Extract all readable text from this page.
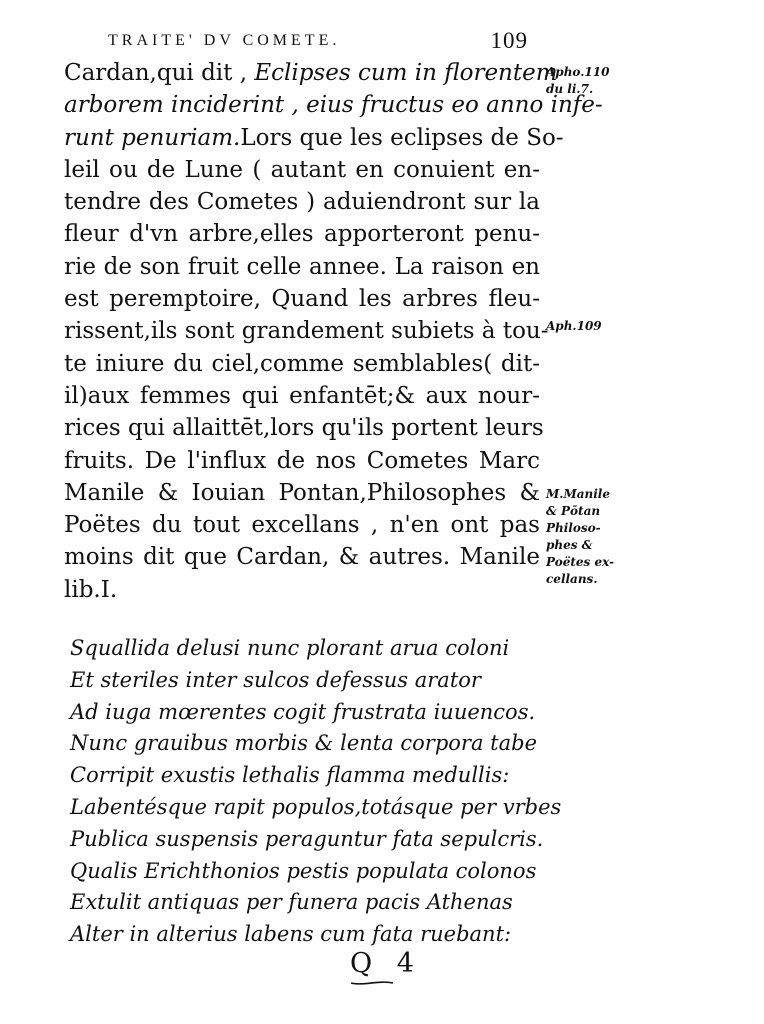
TRAITE' DV COMETE.	109
Cardan,qui dit , Eclipses cum in florentem
arborem inciderint , eius fructus eo anno infe-
runt penuriam.Lors que les eclipses de So-
leil ou de Lune ( autant en conuient en-
tendre des Cometes ) aduiendront sur la
fleur d'vn arbre,elles apporteront penu-
rie de son fruit celle annee. La raison en
est peremptoire, Quand les arbres fleu-
rissent,ils sont grandement subiets à tou-
te iniure du ciel,comme semblables( dit-
il)aux femmes qui enfantēt;& aux nour-
rices qui allaittēt,lors qu'ils portent leurs
fruits. De l'influx de nos Cometes Marc
Manile & Iouian Pontan,Philosophes &
Poëtes du tout excellans , n'en ont pas
moins dit que Cardan, & autres. Manile
lib.I.
Apho.110
du li.7.
Aph.109
M.Manile
& Pōtan
Philoso-
phes &
Poëtes ex-
cellans.
Squallida delusi nunc plorant arua coloni
Et steriles inter sulcos defessus arator
Ad iuga mœrentes cogit frustrata iuuencos.
Nunc grauibus morbis & lenta corpora tabe
Corripit exustis lethalis flamma medullis:
Labentésque rapit populos,totásque per vrbes
Publica suspensis peraguntur fata sepulcris.
Qualis Erichthonios pestis populata colonos
Extulit antiquas per funera pacis Athenas
Alter in alterius labens cum fata ruebant:
Q 4
